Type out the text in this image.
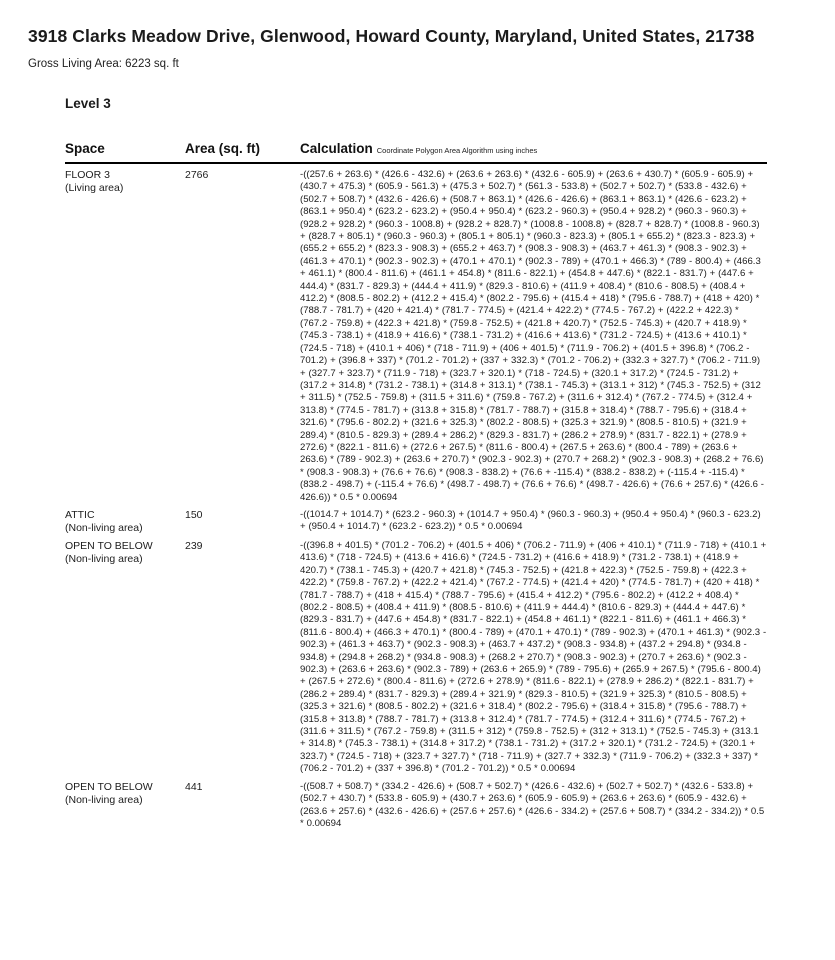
3918 Clarks Meadow Drive, Glenwood, Howard County, Maryland, United States, 21738
Gross Living Area: 6223 sq. ft
Level 3
Space	Area (sq. ft)	Calculation Coordinate Polygon Area Algorithm using inches
FLOOR 3
(Living area)
2766	-((257.6 + 263.6) * (426.6 - 432.6) + (263.6 + 263.6) * (432.6 - 605.9) + (263.6 + 430.7) * (605.9 - 605.9) + (430.7 + 475.3) * (605.9 - 561.3) + (475.3 + 502.7) * (561.3 - 533.8) + (502.7 + 502.7) * (533.8 - 432.6) + (502.7 + 508.7) * (432.6 - 426.6) + (508.7 + 863.1) * (426.6 - 426.6) + (863.1 + 863.1) * (426.6 - 623.2) + (863.1 + 950.4) * (623.2 - 623.2) + (950.4 + 950.4) * (623.2 - 960.3) + (950.4 + 928.2) * (960.3 - 960.3) + (928.2 + 928.2) * (960.3 - 1008.8) + (928.2 + 828.7) * (1008.8 - 1008.8) + (828.7 + 828.7) * (1008.8 - 960.3) + (828.7 + 805.1) * (960.3 - 960.3) + (805.1 + 805.1) * (960.3 - 823.3) + (805.1 + 655.2) * (823.3 - 823.3) + (655.2 + 655.2) * (823.3 - 908.3) + (655.2 + 463.7) * (908.3 - 908.3) + (463.7 + 461.3) * (908.3 - 902.3) + (461.3 + 470.1) * (902.3 - 902.3) + (470.1 + 470.1) * (902.3 - 789) + (470.1 + 466.3) * (789 - 800.4) + (466.3 + 461.1) * (800.4 - 811.6) + (461.1 + 454.8) * (811.6 - 822.1) + (454.8 + 447.6) * (822.1 - 831.7) + (447.6 + 444.4) * (831.7 - 829.3) + (444.4 + 411.9) * (829.3 - 810.6) + (411.9 + 408.4) * (810.6 - 808.5) + (408.4 + 412.2) * (808.5 - 802.2) + (412.2 + 415.4) * (802.2 - 795.6) + (415.4 + 418) * (795.6 - 788.7) + (418 + 420) * (788.7 - 781.7) + (420 + 421.4) * (781.7 - 774.5) + (421.4 + 422.2) * (774.5 - 767.2) + (422.2 + 422.3) * (767.2 - 759.8) + (422.3 + 421.8) * (759.8 - 752.5) + (421.8 + 420.7) * (752.5 - 745.3) + (420.7 + 418.9) * (745.3 - 738.1) + (418.9 + 416.6) * (738.1 - 731.2) + (416.6 + 413.6) * (731.2 - 724.5) + (413.6 + 410.1) * (724.5 - 718) + (410.1 + 406) * (718 - 711.9) + (406 + 401.5) * (711.9 - 706.2) + (401.5 + 396.8) * (706.2 - 701.2) + (396.8 + 337) * (701.2 - 701.2) + (337 + 332.3) * (701.2 - 706.2) + (332.3 + 327.7) * (706.2 - 711.9) + (327.7 + 323.7) * (711.9 - 718) + (323.7 + 320.1) * (718 - 724.5) + (320.1 + 317.2) * (724.5 - 731.2) + (317.2 + 314.8) * (731.2 - 738.1) + (314.8 + 313.1) * (738.1 - 745.3) + (313.1 + 312) * (745.3 - 752.5) + (312 + 311.5) * (752.5 - 759.8) + (311.5 + 311.6) * (759.8 - 767.2) + (311.6 + 312.4) * (767.2 - 774.5) + (312.4 + 313.8) * (774.5 - 781.7) + (313.8 + 315.8) * (781.7 - 788.7) + (315.8 + 318.4) * (788.7 - 795.6) + (318.4 + 321.6) * (795.6 - 802.2) + (321.6 + 325.3) * (802.2 - 808.5) + (325.3 + 321.9) * (808.5 - 810.5) + (321.9 + 289.4) * (810.5 - 829.3) + (289.4 + 286.2) * (829.3 - 831.7) + (286.2 + 278.9) * (831.7 - 822.1) + (278.9 + 272.6) * (822.1 - 811.6) + (272.6 + 267.5) * (811.6 - 800.4) + (267.5 + 263.6) * (800.4 - 789) + (263.6 + 263.6) * (789 - 902.3) + (263.6 + 270.7) * (902.3 - 902.3) + (270.7 + 268.2) * (902.3 - 908.3) + (268.2 + 76.6) * (908.3 - 908.3) + (76.6 + 76.6) * (908.3 - 838.2) + (76.6 + -115.4) * (838.2 - 838.2) + (-115.4 + -115.4) * (838.2 - 498.7) + (-115.4 + 76.6) * (498.7 - 498.7) + (76.6 + 76.6) * (498.7 - 426.6) + (76.6 + 257.6) * (426.6 - 426.6)) * 0.5 * 0.00694
ATTIC
(Non-living area)
150	-((1014.7 + 1014.7) * (623.2 - 960.3) + (1014.7 + 950.4) * (960.3 - 960.3) + (950.4 + 950.4) * (960.3 - 623.2) + (950.4 + 1014.7) * (623.2 - 623.2)) * 0.5 * 0.00694
OPEN TO BELOW
(Non-living area)
239	-((396.8 + 401.5) * (701.2 - 706.2) + (401.5 + 406) * (706.2 - 711.9) + (406 + 410.1) * (711.9 - 718) + (410.1 + 413.6) * (718 - 724.5) + (413.6 + 416.6) * (724.5 - 731.2) + (416.6 + 418.9) * (731.2 - 738.1) + (418.9 + 420.7) * (738.1 - 745.3) + (420.7 + 421.8) * (745.3 - 752.5) + (421.8 + 422.3) * (752.5 - 759.8) + (422.3 + 422.2) * (759.8 - 767.2) + (422.2 + 421.4) * (767.2 - 774.5) + (421.4 + 420) * (774.5 - 781.7) + (420 + 418) * (781.7 - 788.7) + (418 + 415.4) * (788.7 - 795.6) + (415.4 + 412.2) * (795.6 - 802.2) + (412.2 + 408.4) * (802.2 - 808.5) + (408.4 + 411.9) * (808.5 - 810.6) + (411.9 + 444.4) * (810.6 - 829.3) + (444.4 + 447.6) * (829.3 - 831.7) + (447.6 + 454.8) * (831.7 - 822.1) + (454.8 + 461.1) * (822.1 - 811.6) + (461.1 + 466.3) * (811.6 - 800.4) + (466.3 + 470.1) * (800.4 - 789) + (470.1 + 470.1) * (789 - 902.3) + (470.1 + 461.3) * (902.3 - 902.3) + (461.3 + 463.7) * (902.3 - 908.3) + (463.7 + 437.2) * (908.3 - 934.8) + (437.2 + 294.8) * (934.8 - 934.8) + (294.8 + 268.2) * (934.8 - 908.3) + (268.2 + 270.7) * (908.3 - 902.3) + (270.7 + 263.6) * (902.3 - 902.3) + (263.6 + 263.6) * (902.3 - 789) + (263.6 + 265.9) * (789 - 795.6) + (265.9 + 267.5) * (795.6 - 800.4) + (267.5 + 272.6) * (800.4 - 811.6) + (272.6 + 278.9) * (811.6 - 822.1) + (278.9 + 286.2) * (822.1 - 831.7) + (286.2 + 289.4) * (831.7 - 829.3) + (289.4 + 321.9) * (829.3 - 810.5) + (321.9 + 325.3) * (810.5 - 808.5) + (325.3 + 321.6) * (808.5 - 802.2) + (321.6 + 318.4) * (802.2 - 795.6) + (318.4 + 315.8) * (795.6 - 788.7) + (315.8 + 313.8) * (788.7 - 781.7) + (313.8 + 312.4) * (781.7 - 774.5) + (312.4 + 311.6) * (774.5 - 767.2) + (311.6 + 311.5) * (767.2 - 759.8) + (311.5 + 312) * (759.8 - 752.5) + (312 + 313.1) * (752.5 - 745.3) + (313.1 + 314.8) * (745.3 - 738.1) + (314.8 + 317.2) * (738.1 - 731.2) + (317.2 + 320.1) * (731.2 - 724.5) + (320.1 + 323.7) * (724.5 - 718) + (323.7 + 327.7) * (718 - 711.9) + (327.7 + 332.3) * (711.9 - 706.2) + (332.3 + 337) * (706.2 - 701.2) + (337 + 396.8) * (701.2 - 701.2)) * 0.5 * 0.00694
OPEN TO BELOW
(Non-living area)
441	-((508.7 + 508.7) * (334.2 - 426.6) + (508.7 + 502.7) * (426.6 - 432.6) + (502.7 + 502.7) * (432.6 - 533.8) + (502.7 + 430.7) * (533.8 - 605.9) + (430.7 + 263.6) * (605.9 - 605.9) + (263.6 + 263.6) * (605.9 - 432.6) + (263.6 + 257.6) * (432.6 - 426.6) + (257.6 + 257.6) * (426.6 - 334.2) + (257.6 + 508.7) * (334.2 - 334.2)) * 0.5 * 0.00694
